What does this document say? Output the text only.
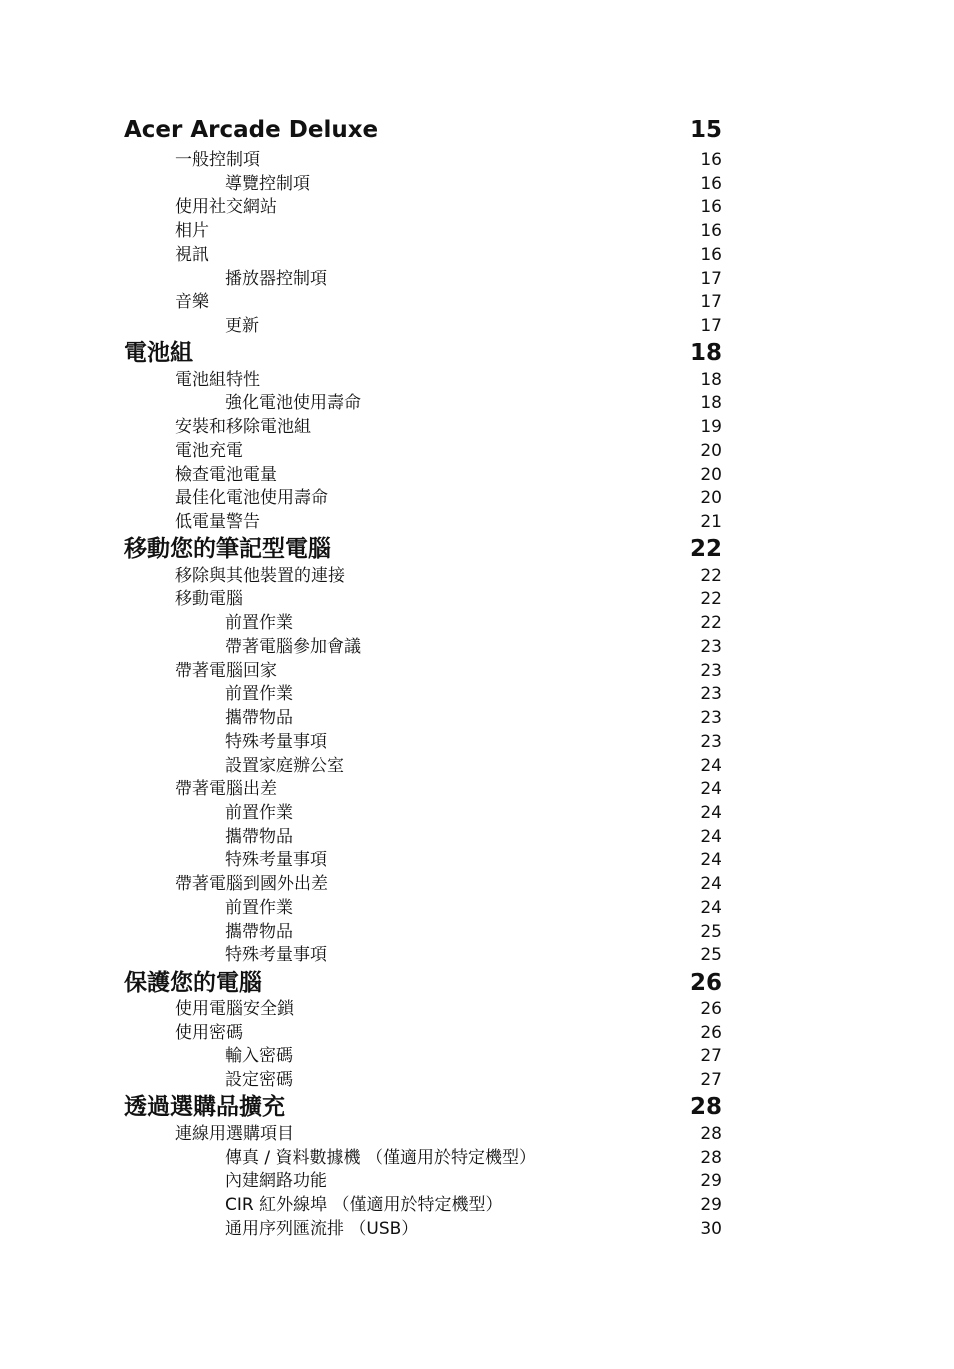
Acer Arcade Deluxe	15
一般控制項	16
導覽控制項	16
使用社交網站	16
相片	16
視訊	16
播放器控制項	17
音樂	17
更新	17
電池組	18
電池組特性	18
強化電池使用壽命	18
安裝和移除電池組	19
電池充電	20
檢查電池電量	20
最佳化電池使用壽命	20
低電量警告	21
移動您的筆記型電腦	22
移除與其他裝置的連接	22
移動電腦	22
前置作業	22
帶著電腦參加會議	23
帶著電腦回家	23
前置作業	23
攜帶物品	23
特殊考量事項	23
設置家庭辦公室	24
帶著電腦出差	24
前置作業	24
攜帶物品	24
特殊考量事項	24
帶著電腦到國外出差	24
前置作業	24
攜帶物品	25
特殊考量事項	25
保護您的電腦	26
使用電腦安全鎖	26
使用密碼	26
輸入密碼	27
設定密碼	27
透過選購品擴充	28
連線用選購項目	28
傳真 / 資料數據機 （僅適用於特定機型）	28
內建網路功能	29
CIR 紅外線埠 （僅適用於特定機型）	29
通用序列匯流排 （USB）	30
